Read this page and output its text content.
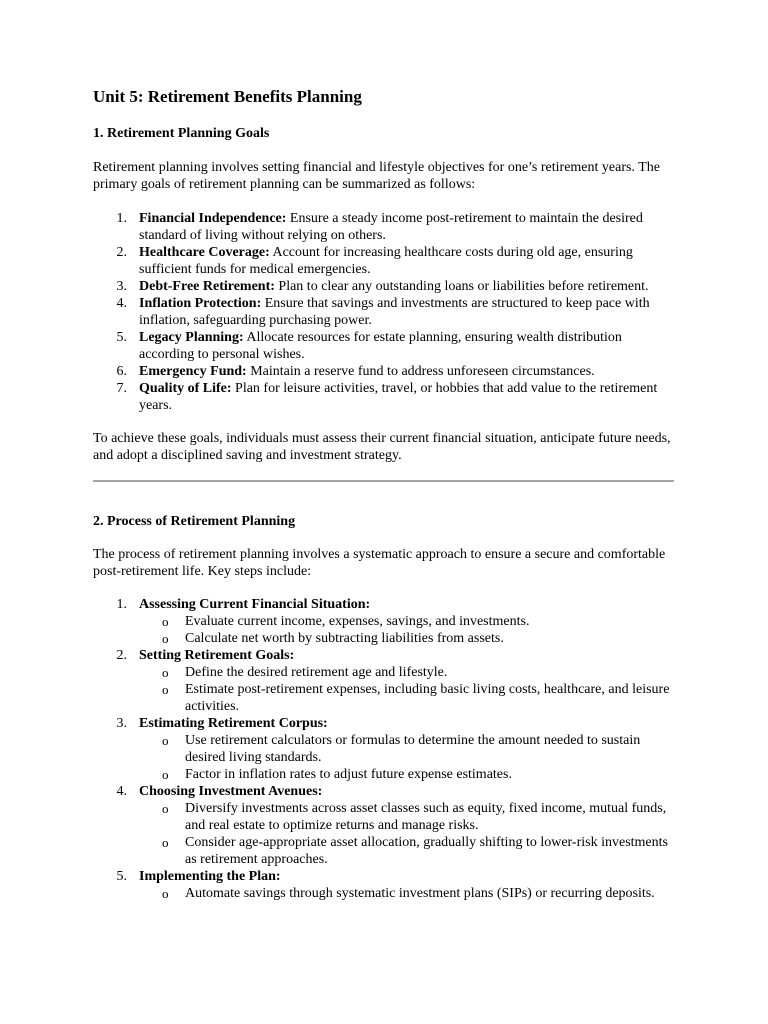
Unit 5: Retirement Benefits Planning
1. Retirement Planning Goals

Retirement planning involves setting financial and lifestyle objectives for one’s retirement years. The primary goals of retirement planning can be summarized as follows:

1. Financial Independence: Ensure a steady income post-retirement to maintain the desired standard of living without relying on others.
2. Healthcare Coverage: Account for increasing healthcare costs during old age, ensuring sufficient funds for medical emergencies.
3. Debt-Free Retirement: Plan to clear any outstanding loans or liabilities before retirement.
4. Inflation Protection: Ensure that savings and investments are structured to keep pace with inflation, safeguarding purchasing power.
5. Legacy Planning: Allocate resources for estate planning, ensuring wealth distribution according to personal wishes.
6. Emergency Fund: Maintain a reserve fund to address unforeseen circumstances.
7. Quality of Life: Plan for leisure activities, travel, or hobbies that add value to the retirement years.

To achieve these goals, individuals must assess their current financial situation, anticipate future needs, and adopt a disciplined saving and investment strategy.

2. Process of Retirement Planning

The process of retirement planning involves a systematic approach to ensure a secure and comfortable post-retirement life. Key steps include:

1. Assessing Current Financial Situation:
o Evaluate current income, expenses, savings, and investments.
o Calculate net worth by subtracting liabilities from assets.
2. Setting Retirement Goals:
o Define the desired retirement age and lifestyle.
o Estimate post-retirement expenses, including basic living costs, healthcare, and leisure activities.
3. Estimating Retirement Corpus:
o Use retirement calculators or formulas to determine the amount needed to sustain desired living standards.
o Factor in inflation rates to adjust future expense estimates.
4. Choosing Investment Avenues:
o Diversify investments across asset classes such as equity, fixed income, mutual funds, and real estate to optimize returns and manage risks.
o Consider age-appropriate asset allocation, gradually shifting to lower-risk investments as retirement approaches.
5. Implementing the Plan:
o Automate savings through systematic investment plans (SIPs) or recurring deposits.
